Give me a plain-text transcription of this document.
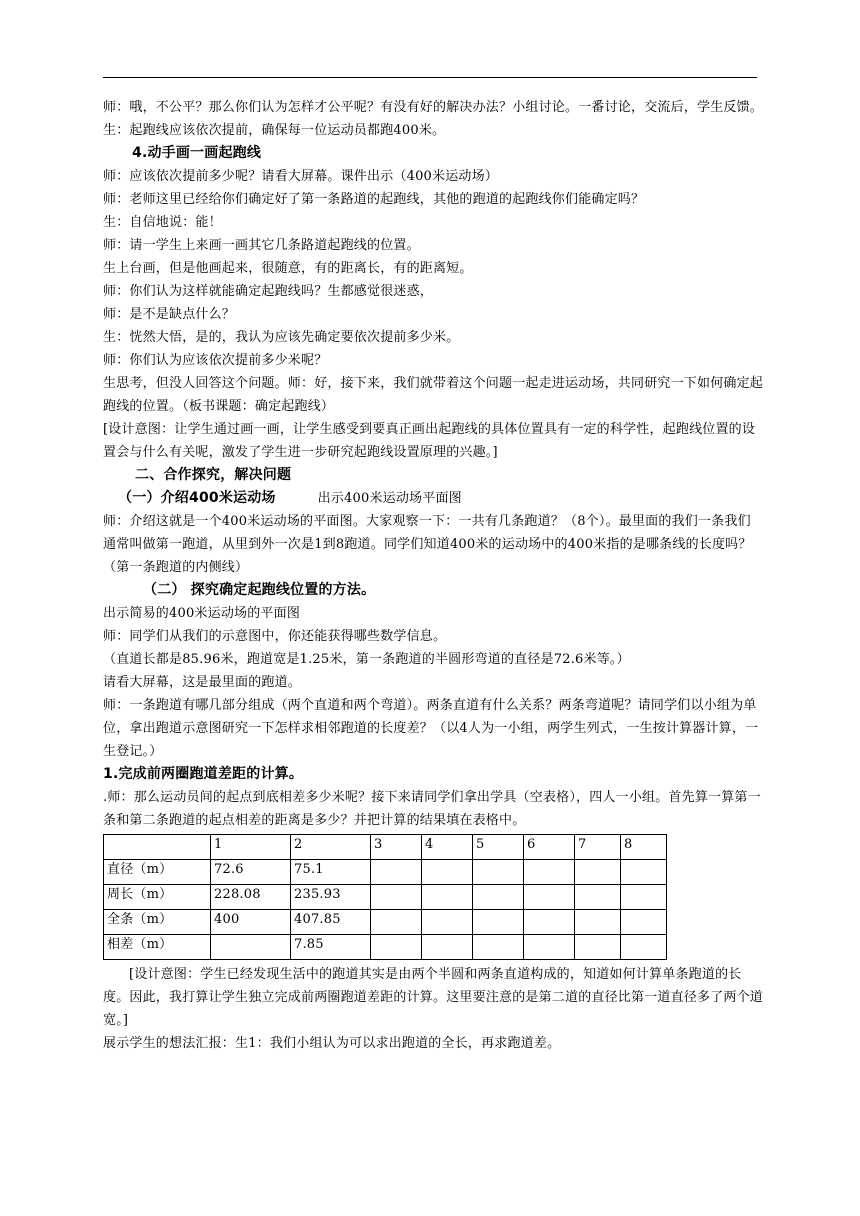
师：哦，不公平？那么你们认为怎样才公平呢？有没有好的解决办法？小组讨论。一番讨论，交流后，学生反馈。

生：起跑线应该依次提前，确保每一位运动员都跑400米。

4.动手画一画起跑线

师：应该依次提前多少呢？请看大屏幕。课件出示（400米运动场）

师：老师这里已经给你们确定好了第一条路道的起跑线，其他的跑道的起跑线你们能确定吗？

生：自信地说：能！

师：请一学生上来画一画其它几条路道起跑线的位置。

生上台画，但是他画起来，很随意，有的距离长，有的距离短。

师：你们认为这样就能确定起跑线吗？生都感觉很迷惑，

师：是不是缺点什么？

生：恍然大悟，是的，我认为应该先确定要依次提前多少米。

师：你们认为应该依次提前多少米呢？

生思考，但没人回答这个问题。师：好，接下来，我们就带着这个问题一起走进运动场，共同研究一下如何确定起跑线的位置。（板书课题：确定起跑线）

[设计意图：让学生通过画一画，让学生感受到要真正画出起跑线的具体位置具有一定的科学性，起跑线位置的设置会与什么有关呢，激发了学生进一步研究起跑线设置原理的兴趣。]

二、合作探究，解决问题

（一）介绍400米运动场	出示400米运动场平面图

师：介绍这就是一个400米运动场的平面图。大家观察一下：一共有几条跑道？（8个）。最里面的我们一条我们通常叫做第一跑道，从里到外一次是1到8跑道。同学们知道400米的运动场中的400米指的是哪条线的长度吗？（第一条跑道的内侧线）

（二） 探究确定起跑线位置的方法。

出示简易的400米运动场的平面图

师：同学们从我们的示意图中，你还能获得哪些数学信息。

（直道长都是85.96米，跑道宽是1.25米，第一条跑道的半圆形弯道的直径是72.6米等。）

请看大屏幕，这是最里面的跑道。

师：一条跑道有哪几部分组成（两个直道和两个弯道）。两条直道有什么关系？两条弯道呢？请同学们以小组为单位，拿出跑道示意图研究一下怎样求相邻跑道的长度差？（以4人为一小组，两学生列式，一生按计算器计算，一生登记。）

1.完成前两圈跑道差距的计算。

.师：那么运动员间的起点到底相差多少米呢？接下来请同学们拿出学具（空表格），四人一小组。首先算一算第一条和第二条跑道的起点相差的距离是多少？并把计算的结果填在表格中。

	1	2	3	4	5	6	7	8
直径（m）	72.6	75.1						
周长（m）	228.08	235.93						
全条（m）	400	407.85						
相差（m）		7.85						

[设计意图：学生已经发现生活中的跑道其实是由两个半圆和两条直道构成的，知道如何计算单条跑道的长度。因此，我打算让学生独立完成前两圈跑道差距的计算。这里要注意的是第二道的直径比第一道直径多了两个道宽。]

展示学生的想法汇报：生1：我们小组认为可以求出跑道的全长，再求跑道差。
